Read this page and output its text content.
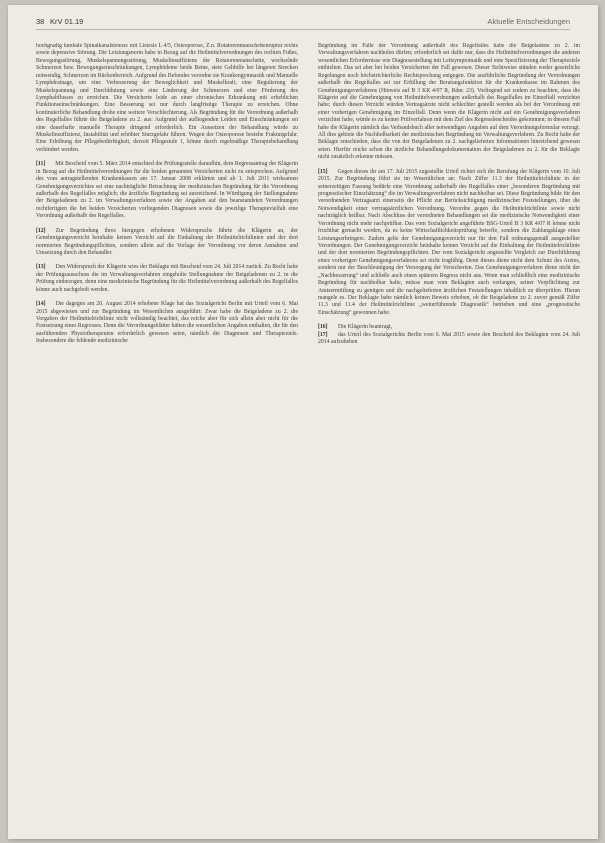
38 KrV 01.19	Aktuelle Entscheidungen

hochgradig lumbale Spinalkanalstenose mit Listesis L 4/5, Osteoporose, Z.n. Rotatorenmanschettenruptur rechts sowie depressive Störung. Die Leistungsnorm habe in Bezug auf die Heilmittelverordnungen des rechten Fußes, Bewegungsstörung, Muskelspannungsstörung, Muskelinsuffizienz der Rotatorenmanschette, wechselnde Schmerzen bzw. Bewegungseinschränkungen, Lymphödeme beide Beine, stete Gehhilfe bei längeren Strecken notwendig, Schmerzen im Rückenbereich. Aufgrund des Befundes verordne sie Krankengymnastik und Manuelle Lymphdrainage, um eine Verbesserung der Beweglichkeit und Muskelkraft, eine Regulierung der Muskelspannung und Durchblutung sowie eine Linderung der Schmerzen und eine Förderung des Lymphabflusses zu erreichen. Die Versicherte leide an einer chronischen Erkrankung mit erheblichen Funktionseinschränkungen. Eine Besserung sei nur durch langfristige Therapie zu erreichen. Ohne kontinuierliche Behandlung drohe eine weitere Verschlechterung. Als Begründung für die Verordnung außerhalb des Regelfalles führte die Beigeladene zu 2. aus: Aufgrund der aufliegenden Leiden und Einschränkungen sei eine dauerhafte manuelle Therapie dringend erforderlich. Ein Aussetzen der Behandlung würde zu Muskelinsuffizienz, Instabilität und erhöhter Sturzgefahr führen. Wegen der Osteoporose bestehe Frakturgefahr. Eine Erhöhung der Pflegebedürftigkeit, derzeit Pflegestufe 1, könne durch regelmäßige Therapiebehandlung verhindert werden.

[11] Mit Bescheid vom 5. März 2014 entschied die Prüfungsstelle daraufhin, dem Regressantrag der Klägerin in Bezug auf die Heilmittelverordnungen für die beiden genannten Versicherten nicht zu entsprechen. Aufgrund des vom antragstellenden Krankenkassen am 17. Januar 2008 erklärten und ab 1. Juli 2011 wirksamen Genehmigungsverzichtes sei eine nachträgliche Betrachtung der medizinischen Begründung für die Verordnung außerhalb des Regelfalles möglich; die ärztliche Begründung sei ausreichend. In Würdigung der Stellungnahme der Beigeladenen zu 2. im Verwaltungsverfahren sowie der Angaben auf den beanstandeten Verordnungen rechtfertigten die bei beiden Versicherten vorliegenden Diagnosen sowie die jeweilige Therapievielfalt eine Verordnung außerhalb des Regelfalles.

[12] Zur Begründung ihres hiergegen erhobenen Widerspruchs führte die Klägerin an, der Genehmigungsverzicht beinhalte keinen Verzicht auf die Einhaltung der Heilmittelrichtlinien und der dort normierten Begründungspflichten, sondern allein auf die Vorlage der Verordnung vor deren Annahme und Umsetzung durch den Behandler.

[13] Den Widerspruch der Klägerin wies der Beklagte mit Bescheid vom 24. Juli 2014 zurück. Zu Recht habe der Prüfungsausschuss die im Verwaltungsverfahren eingeholte Stellungnahme der Beigeladenen zu 2. in die Prüfung einbezogen, denn eine medizinische Begründung für die Heilmittelverordnung außerhalb des Regelfalles könne auch nachgeholt werden.

[14] Die dagegen am 20. August 2014 erhobene Klage hat das Sozialgericht Berlin mit Urteil vom 6. Mai 2015 abgewiesen und zur Begründung im Wesentlichen ausgeführt: Zwar habe die Beigeladene zu 2. die Vorgaben der Heilmittelrichtlinie nicht vollständig beachtet, das reiche aber für sich allein aber nicht für die Festsetzung eines Regresses. Denn die Verordnungsblätter hätten die wesentlichen Angaben enthalten, die für den ausführenden Physiotherapeuten erforderlich gewesen seien, nämlich die Diagnosen und Therapieziele. Insbesondere die fehlende medizinische

Begründung im Falle der Verordnung außerhalb des Regelfalles habe die Beigeladene zu 2. im Verwaltungsverfahren nachholen dürfen; erforderlich sei dafür nur, dass die Heilmittelverordnungen die anderen wesentlichen Erfordernisse wie Diagnosestellung mit Leitsymptomatik und eine Spezifizierung der Therapieziele enthielten. Das sei aber bei beiden Versicherten der Fall gewesen. Dieser Sichtweise stünden weder gesetzliche Regelungen noch höchstrichterliche Rechtsprechung entgegen. Die ausführliche Begründung der Verordnungen außerhalb des Regelfalles sei zur Erfüllung der Beratungsfunktion für die Krankenkasse im Rahmen des Genehmigungsverfahrens (Hinweis auf B 3 KR 4/07 R, Rdnr. 23). Vorliegend sei zudem zu beachten, dass die Klägerin auf die Genehmigung von Heilmittelverordnungen außerhalb des Regelfalles im Einzelfall verzichtet habe; durch diesen Verzicht würden Vertragsärzte nicht schlechter gestellt werden als bei der Verordnung mit einer vorherigen Genehmigung im Einzelfall. Denn wenn die Klägerin nicht auf ein Genehmigungsverfahren verzichtet habe, würde es zu keiner Prüfverfahren mit dem Ziel des Regressbescheides gekommen; in diesem Fall habe die Klägerin nämlich das Verbandsbuch aller notwendigen Angaben auf dem Verordnungsformular verzugt. All dies gebiete die Nachholbarkeit der medizinischen Begründung im Verwaltungsverfahren. Zu Recht habe der Beklagte entschieden, dass die von der Beigeladenen zu 2. nachgelieferten Informationen hinreichend gewesen seien. Hierfür reiche schon die ärztliche Behandlungsdokumentation der Beigeladenen zu 2. für die Beklagte nicht zusätzlich erkenne müssen.

[15] Gegen dieses ihr am 17. Juli 2015 zugestellte Urteil richtet sich die Berufung der Klägerin vom 10. Juli 2015. Zur Begründung führt sie im Wesentlichen an: Nach Ziffer 11.3 der Heilmittelrichtlinie in der seinerzeitigen Fassung bedürfe eine Verordnung außerhalb des Regelfalles einer „besonderen Begründung mit prognostischer Einschätzung“ die im Verwaltungsverfahren nicht nachholbar sei. Diese Begründung bilde für den verordnenden Vertragsarzt einerseits die Pflicht zur Berücksichtigung medizinischer Feststellungen, über die Notwendigkeit einer vertragsärztlichen Verordnung. Verordne gegen die Heilmittelrichtlinie sowie nicht nachträglich heilbar. Nach Abschluss der verordneten Behandlungen sei die medizinische Notwendigkeit einer Verordnung nicht mehr nachprüfbar. Das vom Sozialgericht angeführte BSG-Urteil B 3 KR 4/07 R könne nicht fruchtbar gemacht werden, da es keine Wirtschaftlichkeitsprüfung betreffe, sondern die Zahlungsklage eines Leistungserbringers. Zudem gelte der Genehmigungsverzicht nur für den Fall ordnungsgemäß ausgestellter Verordnungen. Der Genehmigungsverzicht beinhalte keinen Verzicht auf die Einhaltung der Heilmittelrichtlinie und der dort normierten Begründungspflichten. Der vom Sozialgericht angestellte Vergleich zur Durchführung eines vorherigen Genehmigungsverfahrens sei nicht tragfähig. Denn dieses diene nicht dem Schutz des Arztes, sondern nur der Beschleunigung der Versorgung der Versicherten. Das Genehmigungsverfahren diene nicht der „Nachbesserung“ und schließe auch einen späteren Regress nicht aus. Wenn man schließlich eine medizinische Begründung für nachholbar halte, müsse man vom Beklagten auch verlangen, seiner Verpflichtung zur Amtsermittlung zu genügen und die nachgelieferten ärztlichen Feststellungen inhaltlich zu überprüfen. Hieran mangele es. Der Beklagte habe nämlich keinen Beweis erhoben, ob die Beigeladene zu 2. zuvor gemäß Ziffer 11.3 und 11.4 der Heilmittelrichtlinie „weiterführende Diagnostik“ betrieben und eine „prognostische Einschätzung“ gewonnen habe.

[16] Die Klägerin beantragt,

[17] das Urteil des Sozialgerichts Berlin vom 6. Mai 2015 sowie den Bescheid des Beklagten vom 24. Juli 2014 aufzuheben
